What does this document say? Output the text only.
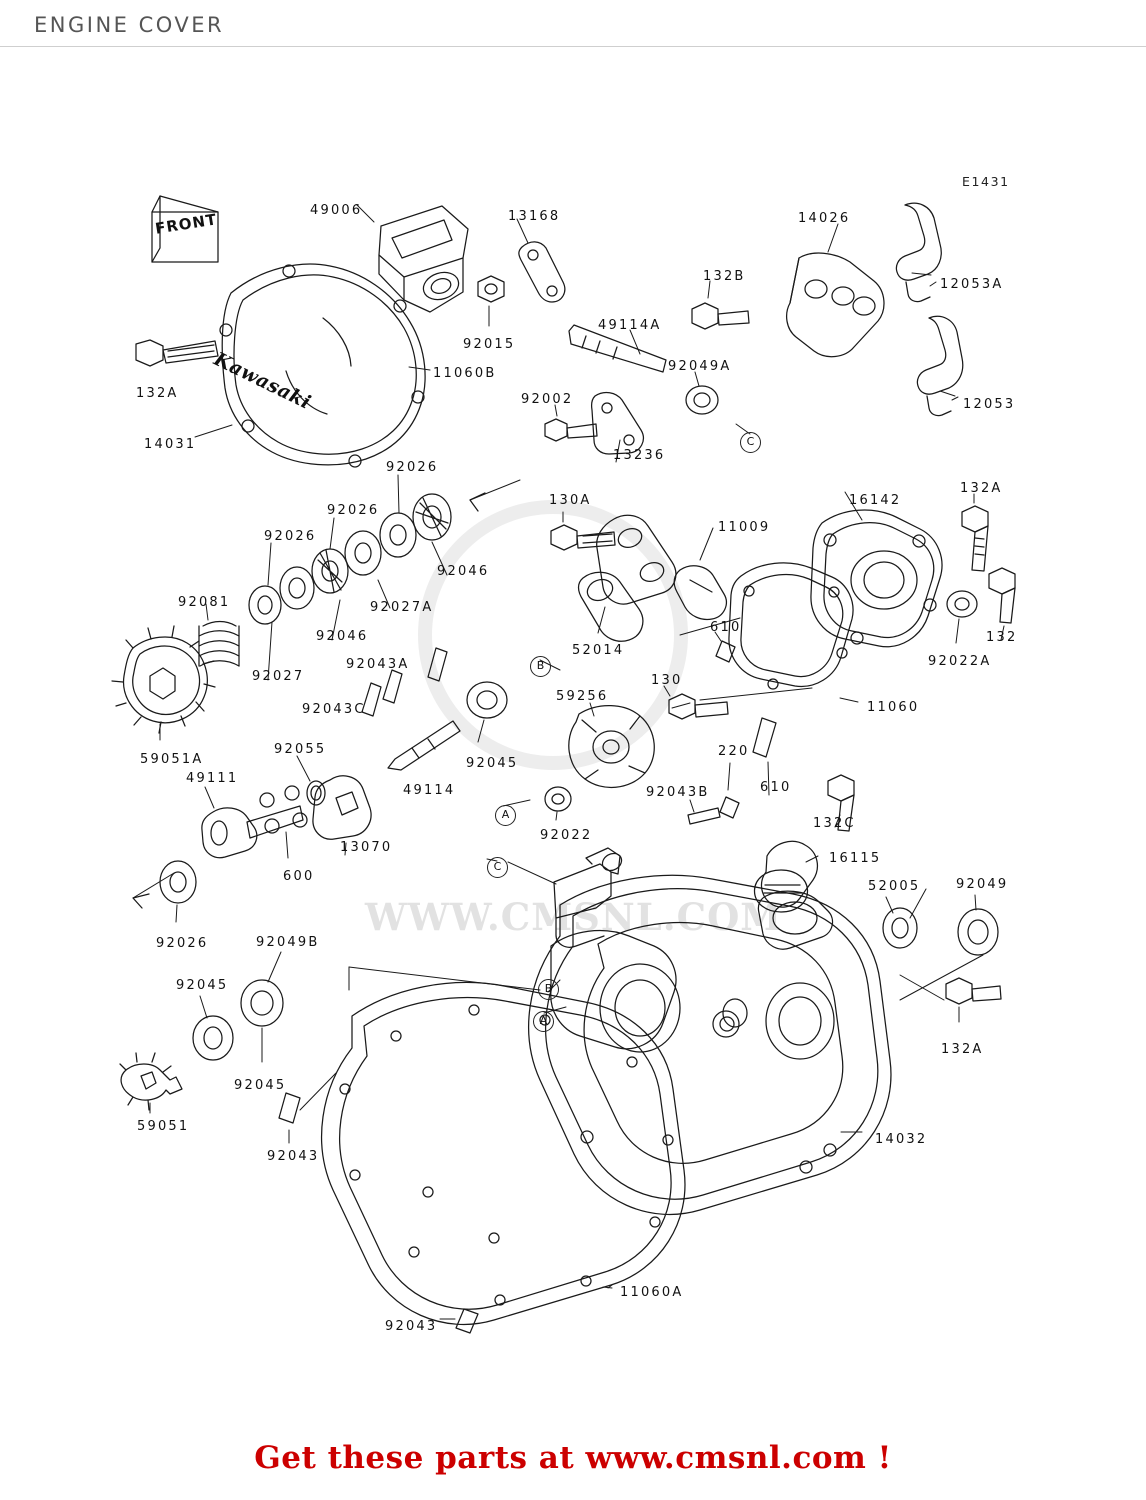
ENGINE COVER
E1431
WWW.CMSNL.COM
FRONT
Kawasaki
49006	13168	14026
12053A
132B
92015
49114A
92049A
11060B
12053
132A	92002
14031
13236
92026
130A	16142
132A
92026
11009
92026
92046
92027A
92081
132
92046
52014
610
92022A
92027
92043A
130
59256
92043C	11060
92045
220
610
59051A
92055
49114	92043B
132C
49111
13070
92022
16115
600
52005	92049
92026	92049B
92045
132A
92045
59051
14032
92043
11060A
92043
C
B
A
C
B
A
Get these parts at www.cmsnl.com !
